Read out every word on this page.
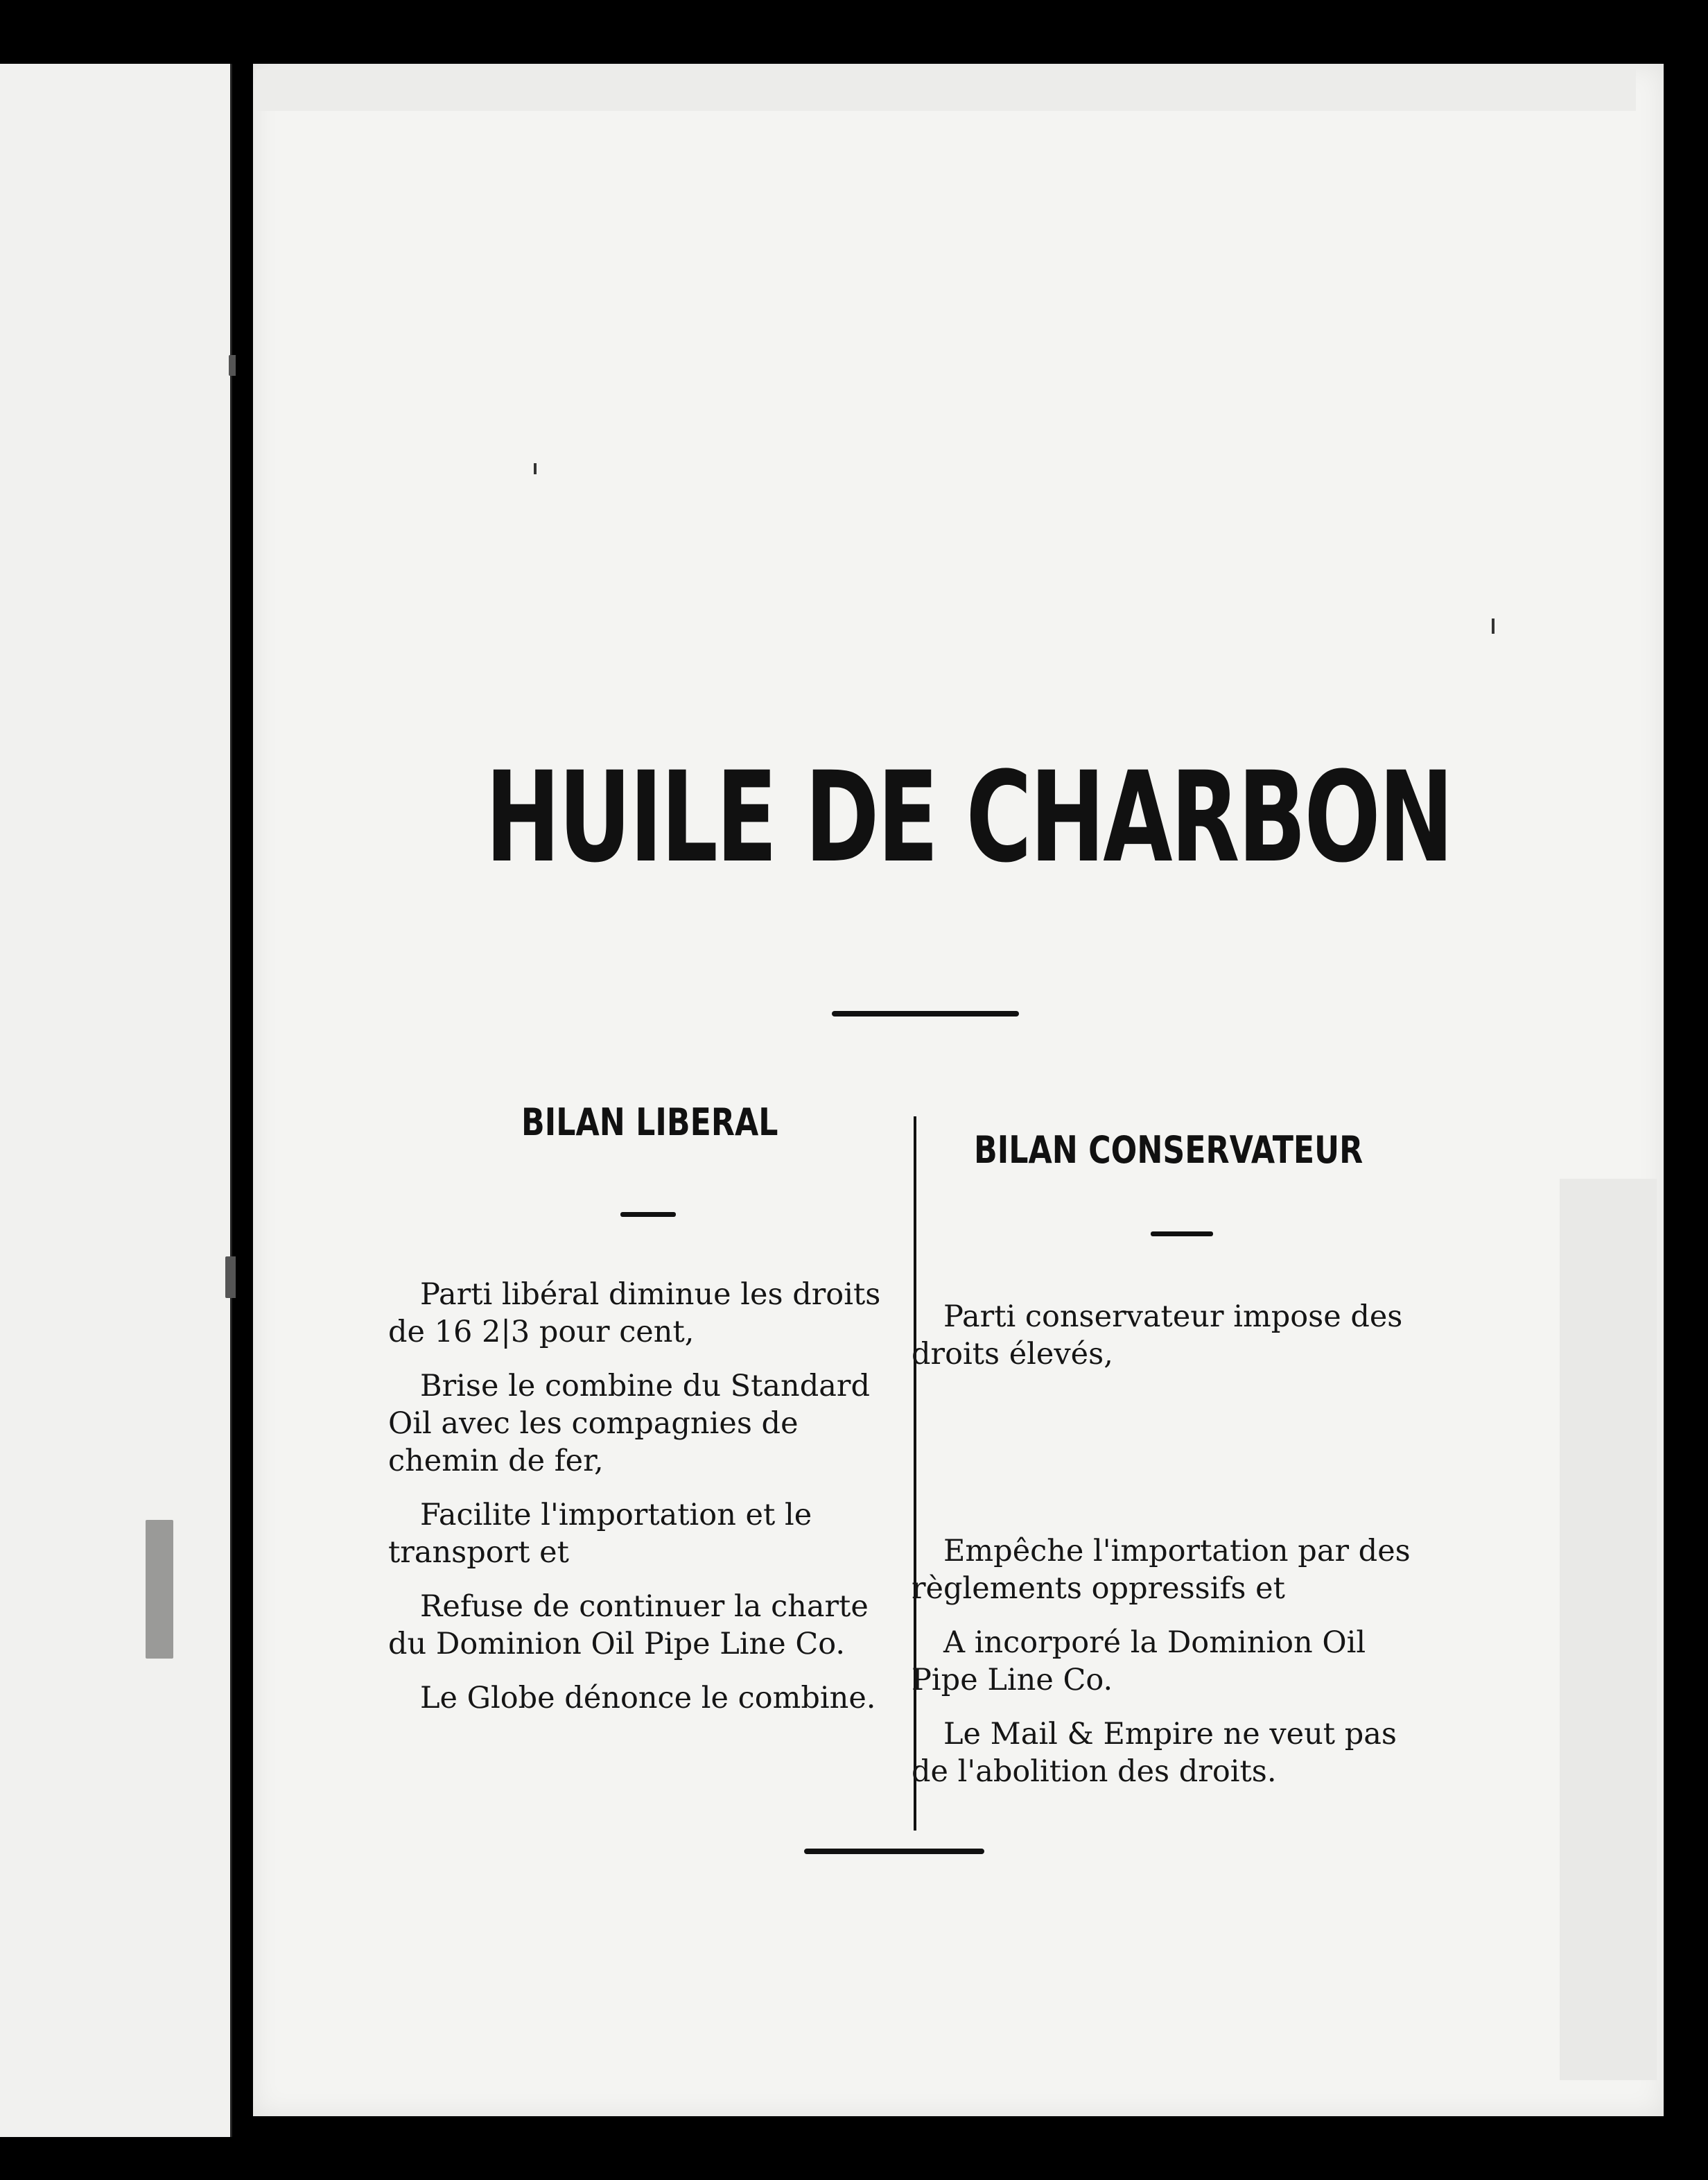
HUILE DE CHARBON
BILAN LIBERAL
BILAN CONSERVATEUR

Parti libéral diminue les droits de 16 2|3 pour cent,

Brise le combine du Standard Oil avec les compagnies de chemin de fer,

Facilite l'importation et le transport et

Refuse de continuer la charte du Dominion Oil Pipe Line Co.

Le Globe dénonce le combine.

Parti conservateur impose des droits élevés,

Empêche l'importation par des règlements oppressifs et

A incorporé la Dominion Oil Pipe Line Co.

Le Mail & Empire ne veut pas de l'abolition des droits.
